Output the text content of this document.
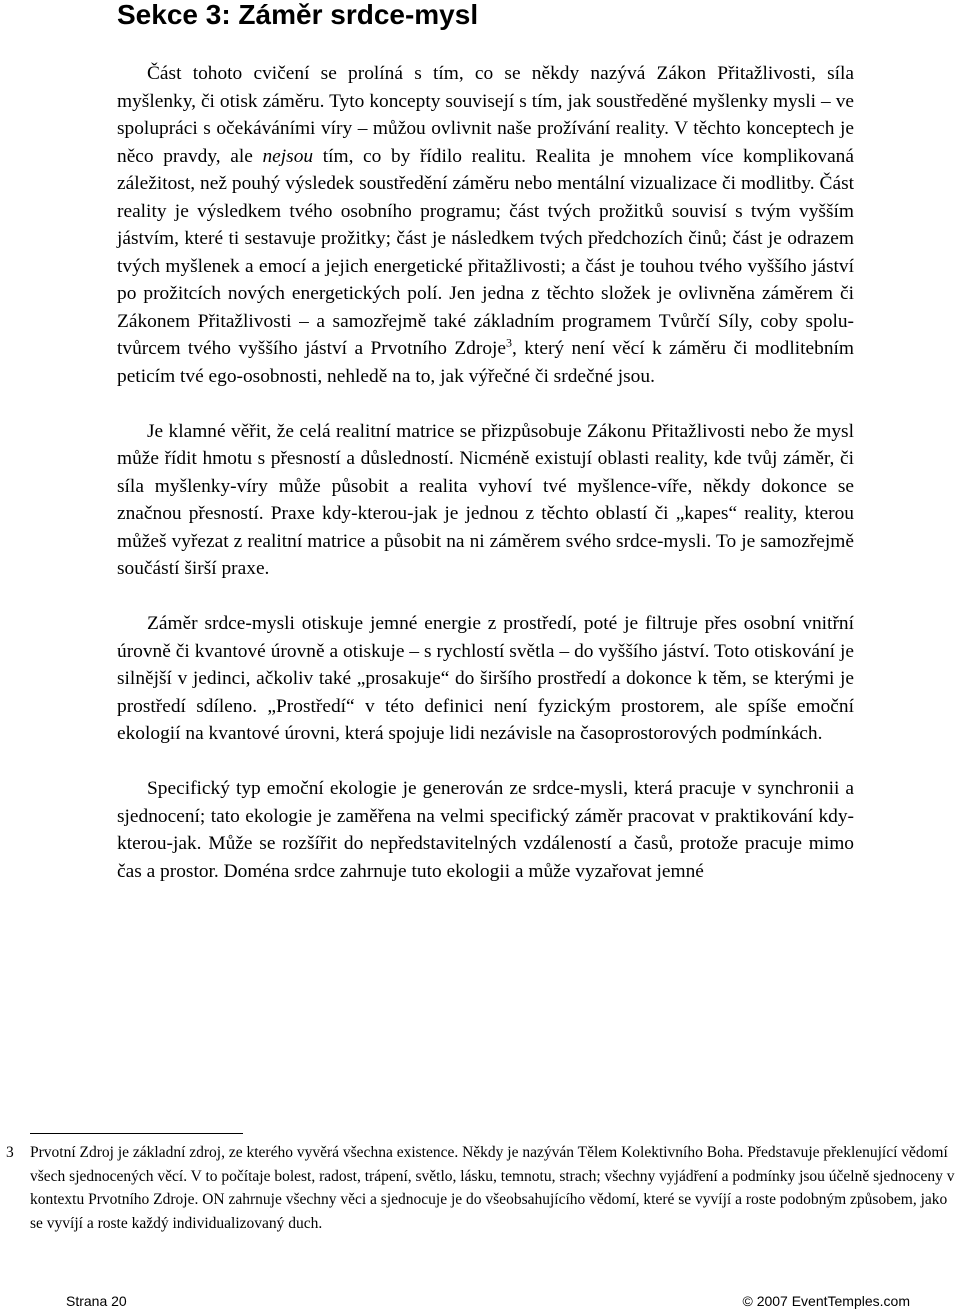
Sekce 3: Záměr srdce-mysl

Část tohoto cvičení se prolíná s tím, co se někdy nazývá Zákon Přitažlivosti, síla myšlenky, či otisk záměru. Tyto koncepty souvisejí s tím, jak soustředěné myšlenky mysli – ve spolupráci s očekáváními víry – můžou ovlivnit naše prožívání reality. V těchto konceptech je něco pravdy, ale nejsou tím, co by řídilo realitu. Realita je mnohem více komplikovaná záležitost, než pouhý výsledek soustředění záměru nebo mentální vizualizace či modlitby. Část reality je výsledkem tvého osobního programu; část tvých prožitků souvisí s tvým vyšším jástvím, které ti sestavuje prožitky; část je následkem tvých předchozích činů; část je odrazem tvých myšlenek a emocí a jejich energetické přitažlivosti; a část je touhou tvého vyššího jáství po prožitcích nových energetických polí. Jen jedna z těchto složek je ovlivněna záměrem či Zákonem Přitažlivosti – a samozřejmě také základním programem Tvůrčí Síly, coby spolu-tvůrcem tvého vyššího jáství a Prvotního Zdroje$^3$, který není věcí k záměru či modlitebním peticím tvé ego-osobnosti, nehledě na to, jak výřečné či srdečné jsou.

Je klamné věřit, že celá realitní matrice se přizpůsobuje Zákonu Přitažlivosti nebo že mysl může řídit hmotu s přesností a důsledností. Nicméně existují oblasti reality, kde tvůj záměr, či síla myšlenky-víry může působit a realita vyhoví tvé myšlence-víře, někdy dokonce se značnou přesností. Praxe kdy-kterou-jak je jednou z těchto oblastí či „kapes“ reality, kterou můžeš vyřezat z realitní matrice a působit na ni záměrem svého srdce-mysli. To je samozřejmě součástí širší praxe.

Záměr srdce-mysli otiskuje jemné energie z prostředí, poté je filtruje přes osobní vnitřní úrovně či kvantové úrovně a otiskuje – s rychlostí světla – do vyššího jáství. Toto otiskování je silnější v jedinci, ačkoliv také „prosakuje“ do širšího prostředí a dokonce k těm, se kterými je prostředí sdíleno. „Prostředí“ v této definici není fyzickým prostorem, ale spíše emoční ekologií na kvantové úrovni, která spojuje lidi nezávisle na časoprostorových podmínkách.

Specifický typ emoční ekologie je generován ze srdce-mysli, která pracuje v synchronii a sjednocení; tato ekologie je zaměřena na velmi specifický záměr pracovat v praktikování kdy-kterou-jak. Může se rozšířit do nepředstavitelných vzdáleností a časů, protože pracuje mimo čas a prostor. Doména srdce zahrnuje tuto ekologii a může vyzařovat jemné

3 Prvotní Zdroj je základní zdroj, ze kterého vyvěrá všechna existence. Někdy je nazýván Tělem Kolektivního Boha. Představuje překlenující vědomí všech sjednocených věcí. V to počítaje bolest, radost, trápení, světlo, lásku, temnotu, strach; všechny vyjádření a podmínky jsou účelně sjednoceny v kontextu Prvotního Zdroje. ON zahrnuje všechny věci a sjednocuje je do všeobsahujícího vědomí, které se vyvíjí a roste podobným způsobem, jako se vyvíjí a roste každý individualizovaný duch.
Strana 20	© 2007 EventTemples.com
